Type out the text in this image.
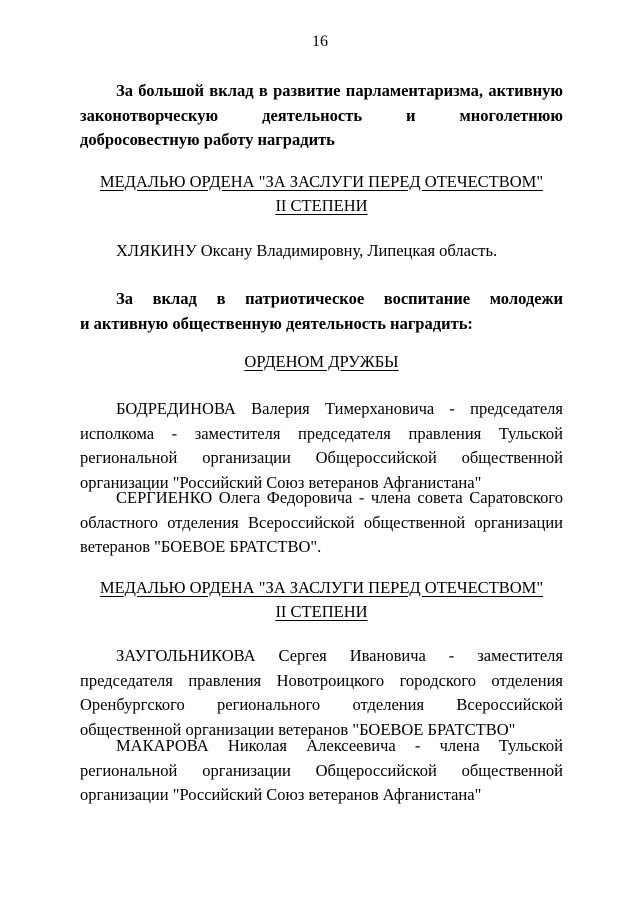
16
За большой вклад в развитие парламентаризма, активную законотворческую деятельность и многолетнюю добросовестную работу наградить
МЕДАЛЬЮ ОРДЕНА "ЗА ЗАСЛУГИ ПЕРЕД ОТЕЧЕСТВОМ"
II СТЕПЕНИ
ХЛЯКИНУ Оксану Владимировну, Липецкая область.
За вклад в патриотическое воспитание молодежи
и активную общественную деятельность наградить:
ОРДЕНОМ ДРУЖБЫ
БОДРЕДИНОВА Валерия Тимерхановича - председателя исполкома - заместителя председателя правления Тульской региональной организации Общероссийской общественной организации "Российский Союз ветеранов Афганистана"
СЕРГИЕНКО Олега Федоровича - члена совета Саратовского областного отделения Всероссийской общественной организации ветеранов "БОЕВОЕ БРАТСТВО".
МЕДАЛЬЮ ОРДЕНА "ЗА ЗАСЛУГИ ПЕРЕД ОТЕЧЕСТВОМ"
II СТЕПЕНИ
ЗАУГОЛЬНИКОВА Сергея Ивановича - заместителя председателя правления Новотроицкого городского отделения Оренбургского регионального отделения Всероссийской общественной организации ветеранов "БОЕВОЕ БРАТСТВО"
МАКАРОВА Николая Алексеевича - члена Тульской региональной организации Общероссийской общественной организации "Российский Союз ветеранов Афганистана"
